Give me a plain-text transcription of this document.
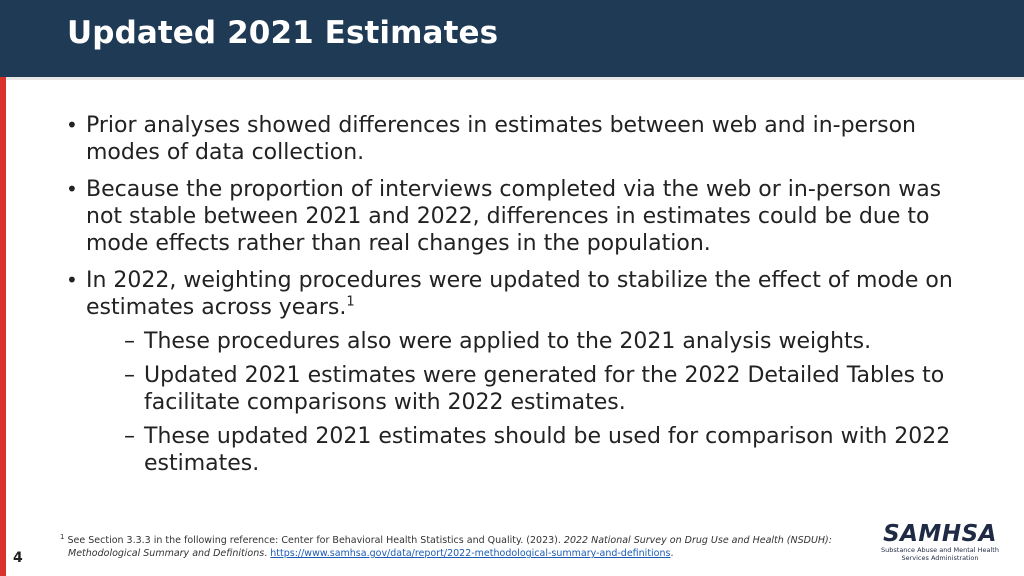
Updated 2021 Estimates
• Prior analyses showed differences in estimates between web and in-person modes of data collection.
• Because the proportion of interviews completed via the web or in-person was not stable between 2021 and 2022, differences in estimates could be due to mode effects rather than real changes in the population.
• In 2022, weighting procedures were updated to stabilize the effect of mode on estimates across years.$^1$
– These procedures also were applied to the 2021 analysis weights.
– Updated 2021 estimates were generated for the 2022 Detailed Tables to facilitate comparisons with 2022 estimates.
– These updated 2021 estimates should be used for comparison with 2022 estimates.
$^1$ See Section 3.3.3 in the following reference: Center for Behavioral Health Statistics and Quality. (2023). 2022 National Survey on Drug Use and Health (NSDUH):
Methodological Summary and Definitions. https://www.samhsa.gov/data/report/2022-methodological-summary-and-definitions.
4
SAMHSA
Substance Abuse and Mental Health
Services Administration
